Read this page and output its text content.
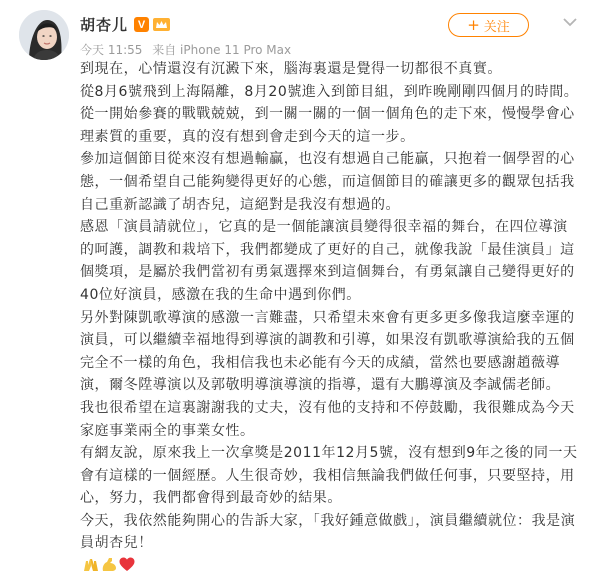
胡杏儿 V
今天 11:55 来自 iPhone 11 Pro Max
+ 关注

到現在，心情還沒有沉澱下來，腦海裏還是覺得一切都很不真實。

從8月6號飛到上海隔離，8月20號進入到節目組，到昨晚剛剛四個月的時間。從一開始參賽的戰戰兢兢，到一關一關的一個一個角色的走下來，慢慢學會心理素質的重要，真的沒有想到會走到今天的這一步。

參加這個節目從來沒有想過輸贏，也沒有想過自己能贏，只抱着一個學習的心態，一個希望自己能夠變得更好的心態，而這個節目的確讓更多的觀眾包括我自己重新認識了胡杏兒，這絕對是我沒有想過的。

感恩「演員請就位」，它真的是一個能讓演員變得很幸福的舞台，在四位導演的呵護，調教和栽培下，我們都變成了更好的自己，就像我說「最佳演員」這個獎項，是屬於我們當初有勇氣選擇來到這個舞台，有勇氣讓自己變得更好的40位好演員，感激在我的生命中遇到你們。

另外對陳凱歌導演的感激一言難盡，只希望未來會有更多更多像我這麼幸運的演員，可以繼續幸福地得到導演的調教和引導，如果沒有凱歌導演給我的五個完全不一樣的角色，我相信我也未必能有今天的成績，當然也要感謝趙薇導演，爾冬陞導演以及郭敬明導演導演的指導，還有大鵬導演及李誠儒老師。

我也很希望在這裏謝謝我的丈夫，沒有他的支持和不停鼓勵，我很難成為今天家庭事業兩全的事業女性。

有網友說，原來我上一次拿獎是2011年12月5號，沒有想到9年之後的同一天會有這樣的一個經歷。人生很奇妙，我相信無論我們做任何事，只要堅持，用心，努力，我們都會得到最奇妙的結果。

今天，我依然能夠開心的告訴大家，「我好鍾意做戲」，演員繼續就位：我是演員胡杏兒！
